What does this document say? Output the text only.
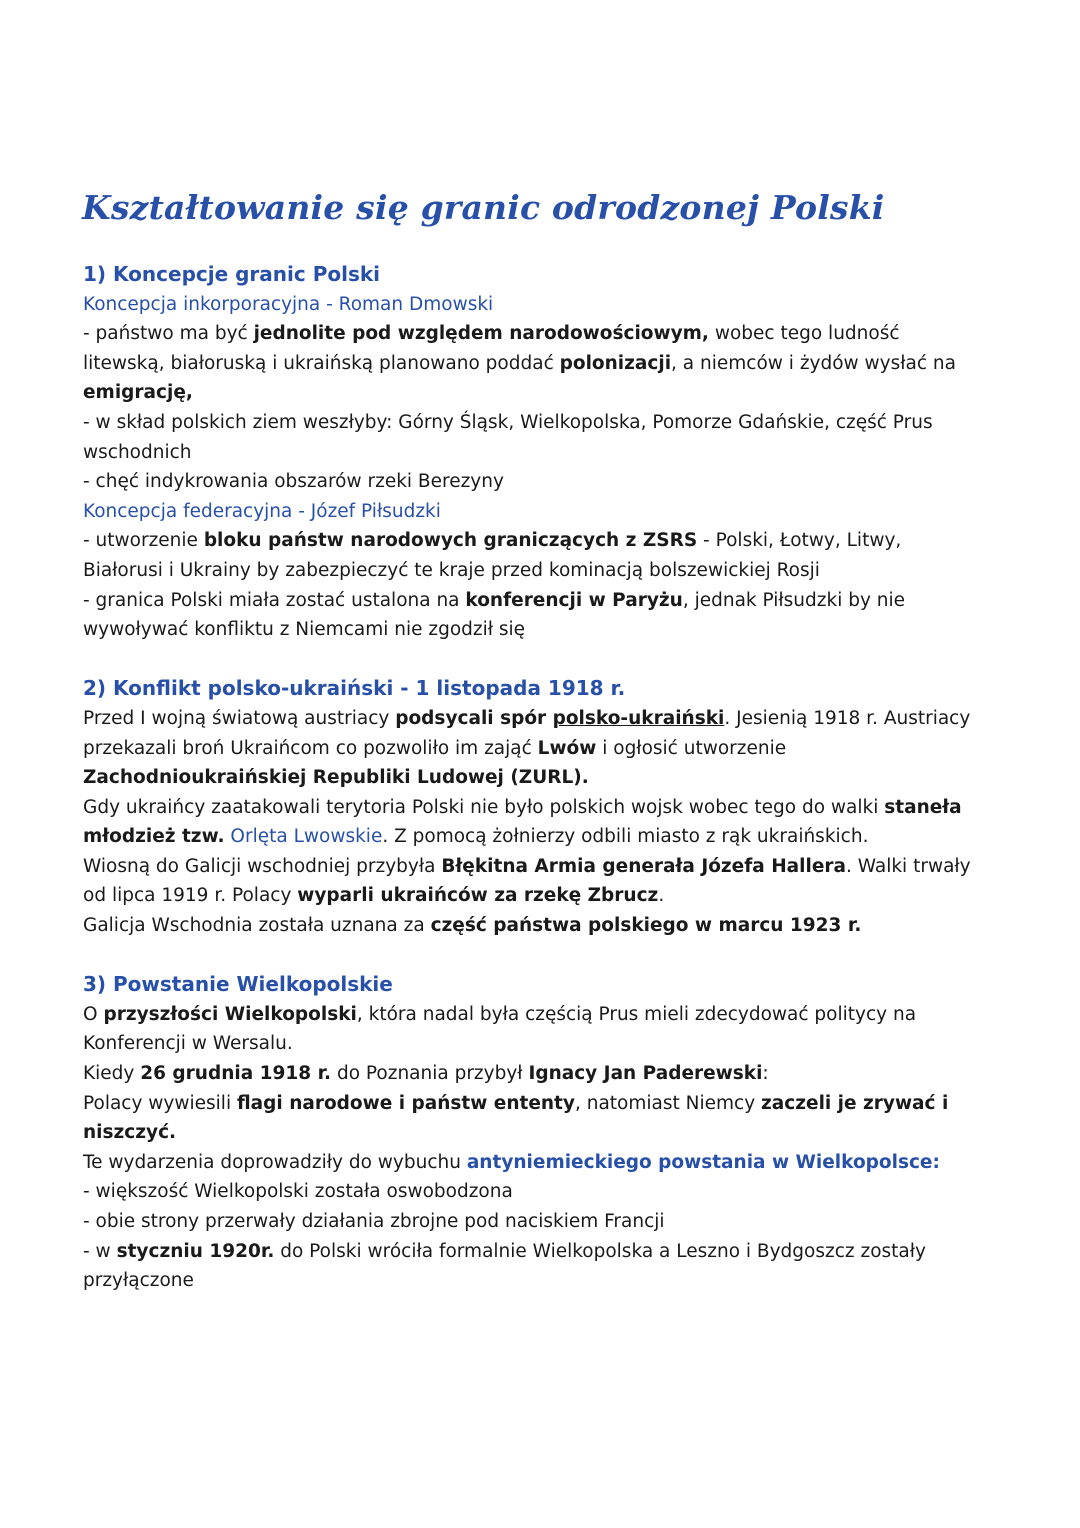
Kształtowanie się granic odrodzonej Polski

1) Koncepcje granic Polski

Koncepcja inkorporacyjna - Roman Dmowski

- państwo ma być jednolite pod względem narodowościowym, wobec tego ludność litewską, białoruską i ukraińską planowano poddać polonizacji, a niemców i żydów wysłać na emigrację,

- w skład polskich ziem weszłyby: Górny Śląsk, Wielkopolska, Pomorze Gdańskie, część Prus wschodnich

- chęć indykrowania obszarów rzeki Berezyny

Koncepcja federacyjna - Józef Piłsudzki

- utworzenie bloku państw narodowych graniczących z ZSRS - Polski, Łotwy, Litwy, Białorusi i Ukrainy by zabezpieczyć te kraje przed kominacją bolszewickiej Rosji

- granica Polski miała zostać ustalona na konferencji w Paryżu, jednak Piłsudzki by nie wywoływać konfliktu z Niemcami nie zgodził się

2) Konflikt polsko-ukraiński - 1 listopada 1918 r.

Przed I wojną światową austriacy podsycali spór polsko-ukraiński. Jesienią 1918 r. Austriacy przekazali broń Ukraińcom co pozwoliło im zająć Lwów i ogłosić utworzenie Zachodnioukraińskiej Republiki Ludowej (ZURL).

Gdy ukraińcy zaatakowali terytoria Polski nie było polskich wojsk wobec tego do walki staneła młodzież tzw. Orlęta Lwowskie. Z pomocą żołnierzy odbili miasto z rąk ukraińskich.

Wiosną do Galicji wschodniej przybyła Błękitna Armia generała Józefa Hallera. Walki trwały od lipca 1919 r. Polacy wyparli ukraińców za rzekę Zbrucz.

Galicja Wschodnia została uznana za część państwa polskiego w marcu 1923 r.

3) Powstanie Wielkopolskie

O przyszłości Wielkopolski, która nadal była częścią Prus mieli zdecydować politycy na Konferencji w Wersalu.

Kiedy 26 grudnia 1918 r. do Poznania przybył Ignacy Jan Paderewski:

Polacy wywiesili flagi narodowe i państw ententy, natomiast Niemcy zaczeli je zrywać i niszczyć.

Te wydarzenia doprowadziły do wybuchu antyniemieckiego powstania w Wielkopolsce:

- większość Wielkopolski została oswobodzona

- obie strony przerwały działania zbrojne pod naciskiem Francji

- w styczniu 1920r. do Polski wróciła formalnie Wielkopolska a Leszno i Bydgoszcz zostały przyłączone
